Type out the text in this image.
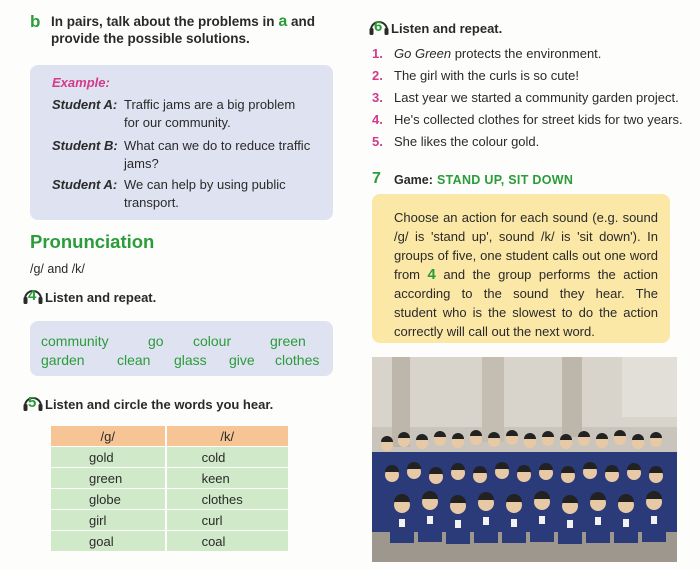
b In pairs, talk about the problems in a and provide the possible solutions.
Example:
Student A: Traffic jams are a big problem
for our community.
Student B: What can we do to reduce traffic
jams?
Student A: We can help by using public
transport.
Pronunciation
/g/ and /k/
4 Listen and repeat.
community	go colour	green
garden clean glass give clothes
5 Listen and circle the words you hear.
/g/	/k/
gold	cold
green	keen
globe	clothes
girl	curl
goal	coal
6 Listen and repeat.
1. Go Green protects the environment.
2. The girl with the curls is so cute!
3. Last year we started a community garden project.
4. He's collected clothes for street kids for two years.
5. She likes the colour gold.
7 Game: STAND UP, SIT DOWN
Choose an action for each sound (e.g. sound /g/ is 'stand up', sound /k/ is 'sit down'). In groups of five, one student calls out one word from 4 and the group performs the action according to the sound they hear. The student who is the slowest to do the action correctly will call out the next word.
